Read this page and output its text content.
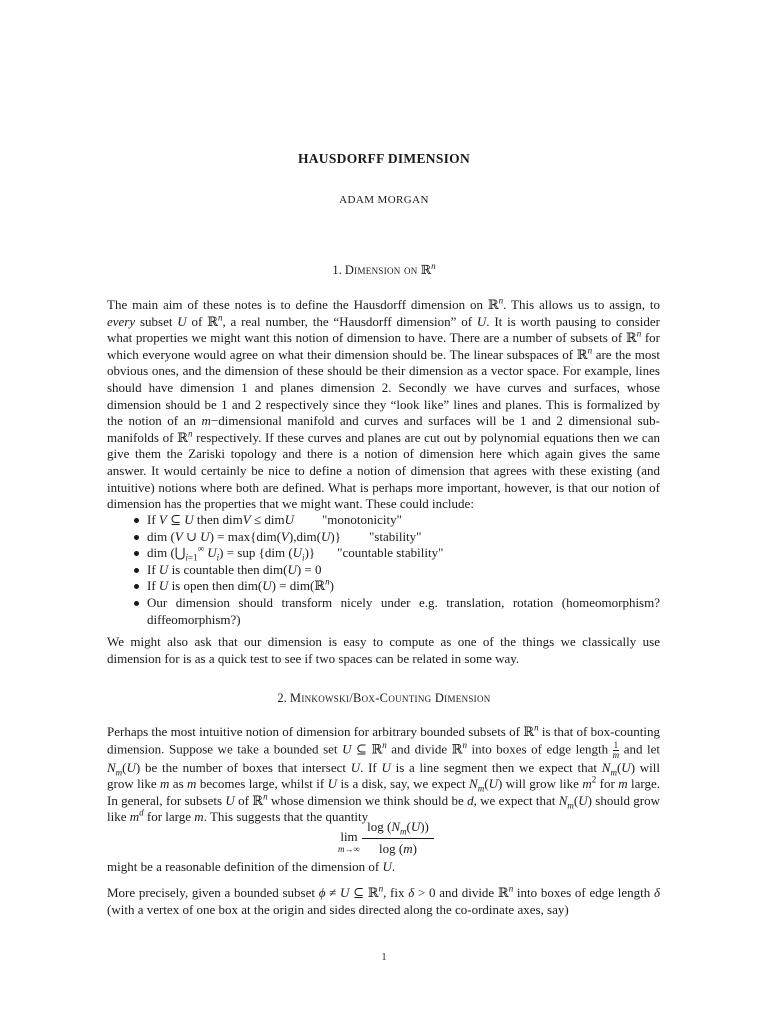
HAUSDORFF DIMENSION
ADAM MORGAN
1. Dimension on ℝ$^n$
The main aim of these notes is to define the Hausdorff dimension on ℝ$^n$. This allows us to assign, to every subset U of ℝ$^n$, a real number, the “Hausdorff dimension” of U. It is worth pausing to consider what properties we might want this notion of dimension to have. There are a number of subsets of ℝ$^n$ for which everyone would agree on what their dimension should be. The linear subspaces of ℝ$^n$ are the most obvious ones, and the dimension of these should be their dimension as a vector space. For example, lines should have dimension 1 and planes dimension 2. Secondly we have curves and surfaces, whose dimension should be 1 and 2 respectively since they “look like” lines and planes. This is formalized by the notion of an m−dimensional manifold and curves and surfaces will be 1 and 2 dimensional sub-manifolds of ℝ$^n$ respectively. If these curves and planes are cut out by polynomial equations then we can give them the Zariski topology and there is a notion of dimension here which again gives the same answer. It would certainly be nice to define a notion of dimension that agrees with these existing (and intuitive) notions where both are defined. What is perhaps more important, however, is that our notion of dimension has the properties that we might want. These could include:
If V ⊆ U then dimV ≤ dimU "monotonicity"
dim (V ∪ U) = max{dim(V),dim(U)} "stability"
dim ($⋃_{i=1}^\infty$ $U_i$) = sup {dim $(U_i)$} "countable stability"
If U is countable then dim(U) = 0
If U is open then dim(U) = dim(ℝ$^n$)
Our dimension should transform nicely under e.g. translation, rotation (homeomorphism? diffeomorphism?)
We might also ask that our dimension is easy to compute as one of the things we classically use dimension for is as a quick test to see if two spaces can be related in some way.
2. Minkowski/Box-Counting Dimension
Perhaps the most intuitive notion of dimension for arbitrary bounded subsets of ℝ$^n$ is that of box-counting dimension. Suppose we take a bounded set U ⊆ ℝ$^n$ and divide ℝ$^n$ into boxes of edge length $\frac{1}{m}$ and let $N_m(U)$ be the number of boxes that intersect U. If U is a line segment then we expect that $N_m(U)$ will grow like m as m becomes large, whilst if U is a disk, say, we expect $N_m(U)$ will grow like $m^2$ for m large. In general, for subsets U of ℝ$^n$ whose dimension we think should be d, we expect that $N_m(U)$ should grow like $m^d$ for large m. This suggests that the quantity
lim
$m\to\infty \frac{\log (N_m(U))}{\log (m)}$
might be a reasonable definition of the dimension of U.
More precisely, given a bounded subset ϕ ≠ U ⊆ ℝ$^n$, fix δ > 0 and divide ℝ$^n$ into boxes of edge length δ (with a vertex of one box at the origin and sides directed along the co-ordinate axes, say)
1
